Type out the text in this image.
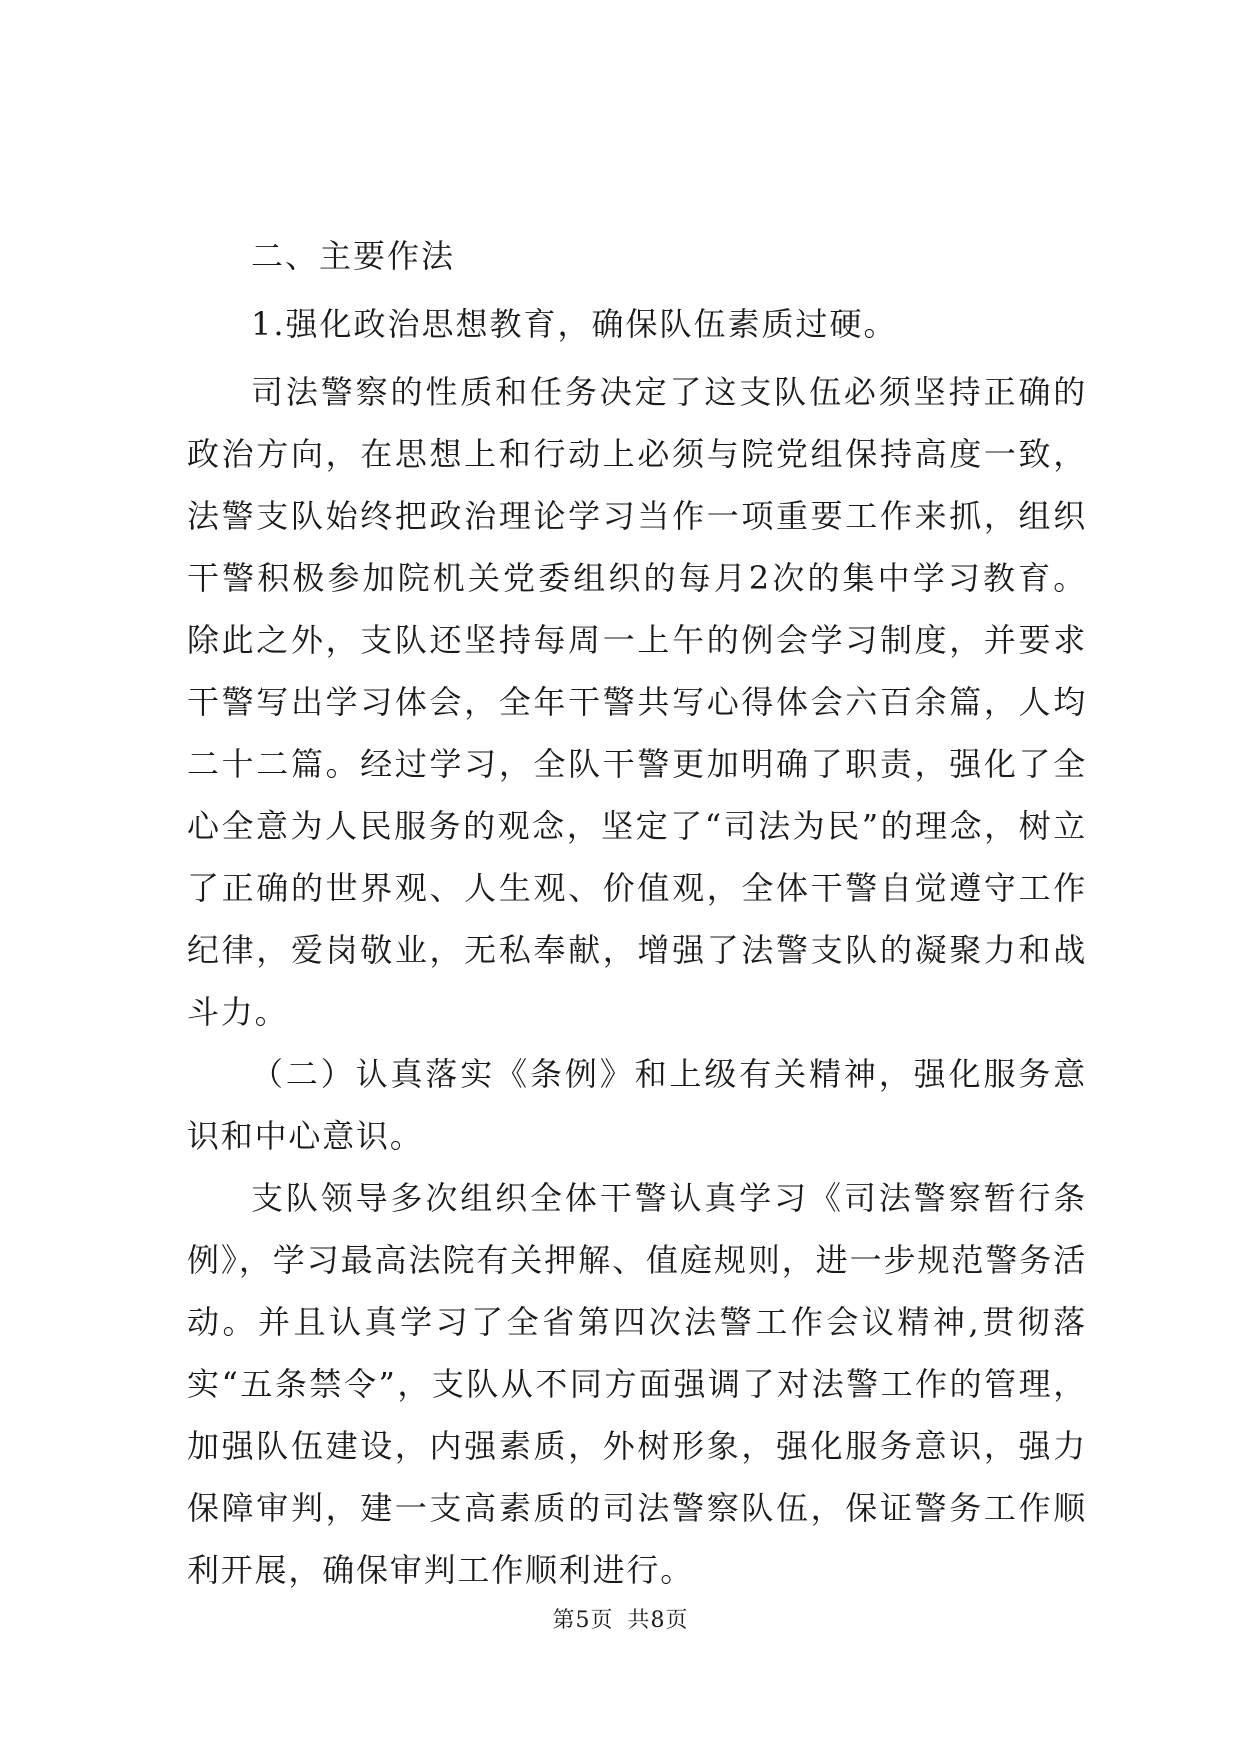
二、主要作法

1.强化政治思想教育，确保队伍素质过硬。

司法警察的性质和任务决定了这支队伍必须坚持正确的政治方向，在思想上和行动上必须与院党组保持高度一致，法警支队始终把政治理论学习当作一项重要工作来抓，组织干警积极参加院机关党委组织的每月2次的集中学习教育。除此之外，支队还坚持每周一上午的例会学习制度，并要求干警写出学习体会，全年干警共写心得体会六百余篇，人均二十二篇。经过学习，全队干警更加明确了职责，强化了全心全意为人民服务的观念，坚定了“司法为民”的理念，树立了正确的世界观、人生观、价值观，全体干警自觉遵守工作纪律，爱岗敬业，无私奉献，增强了法警支队的凝聚力和战斗力。

（二）认真落实《条例》和上级有关精神，强化服务意识和中心意识。

支队领导多次组织全体干警认真学习《司法警察暂行条例》，学习最高法院有关押解、值庭规则，进一步规范警务活动。并且认真学习了全省第四次法警工作会议精神,贯彻落实“五条禁令”，支队从不同方面强调了对法警工作的管理，加强队伍建设，内强素质，外树形象，强化服务意识，强力保障审判，建一支高素质的司法警察队伍，保证警务工作顺利开展，确保审判工作顺利进行。

第5页 共8页
